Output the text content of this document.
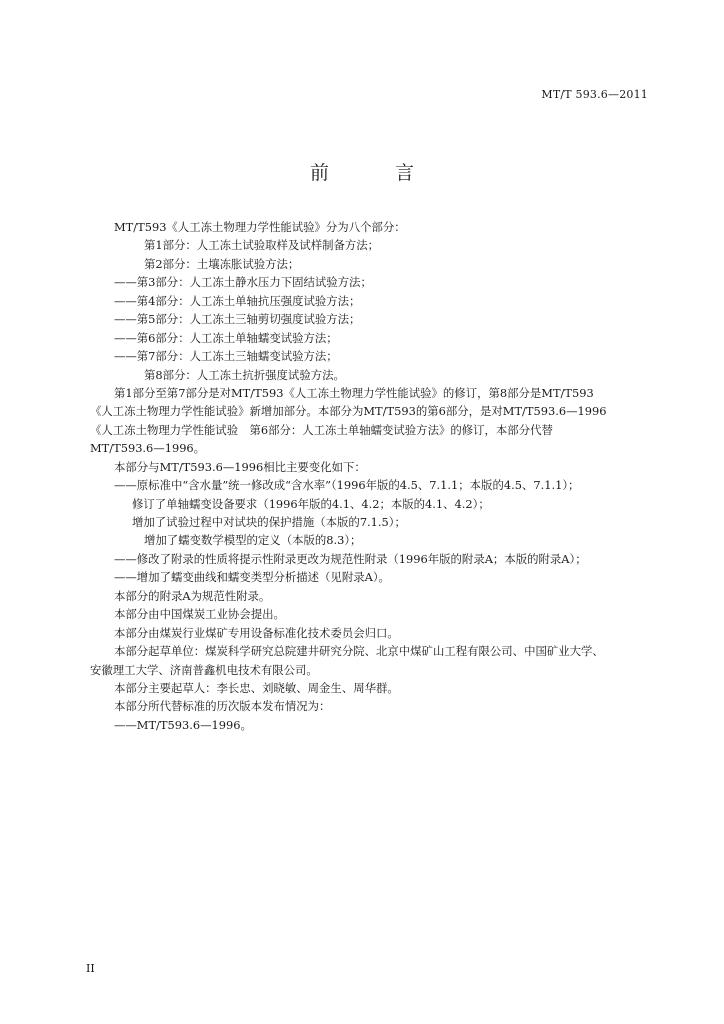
MT/T 593.6—2011
前 言
MT/T593《人工冻土物理力学性能试验》分为八个部分：
第1部分：人工冻土试验取样及试样制备方法；
第2部分：土壤冻胀试验方法；
——第3部分：人工冻土静水压力下固结试验方法；
——第4部分：人工冻土单轴抗压强度试验方法；
——第5部分：人工冻土三轴剪切强度试验方法；
——第6部分：人工冻土单轴蠕变试验方法；
——第7部分：人工冻土三轴蠕变试验方法；
第8部分：人工冻土抗折强度试验方法。
第1部分至第7部分是对MT/T593《人工冻土物理力学性能试验》的修订，第8部分是MT/T593
《人工冻土物理力学性能试验》新增加部分。本部分为MT/T593的第6部分，是对MT/T593.6—1996
《人工冻土物理力学性能试验　第6部分：人工冻土单轴蠕变试验方法》的修订，本部分代替
MT/T593.6—1996。
本部分与MT/T593.6—1996相比主要变化如下：
——原标准中“含水量”统一修改成“含水率”（1996年版的4.5、7.1.1；本版的4.5、7.1.1）；
修订了单轴蠕变设备要求（1996年版的4.1、4.2；本版的4.1、4.2）；
增加了试验过程中对试块的保护措施（本版的7.1.5）；
增加了蠕变数学模型的定义（本版的8.3）；
——修改了附录的性质将提示性附录更改为规范性附录（1996年版的附录A；本版的附录A）；
——增加了蠕变曲线和蠕变类型分析描述（见附录A）。
本部分的附录A为规范性附录。
本部分由中国煤炭工业协会提出。
本部分由煤炭行业煤矿专用设备标准化技术委员会归口。
本部分起草单位：煤炭科学研究总院建井研究分院、北京中煤矿山工程有限公司、中国矿业大学、
安徽理工大学、济南普鑫机电技术有限公司。
本部分主要起草人：李长忠、刘晓敏、周金生、周华群。
本部分所代替标准的历次版本发布情况为：
——MT/T593.6—1996。
II
